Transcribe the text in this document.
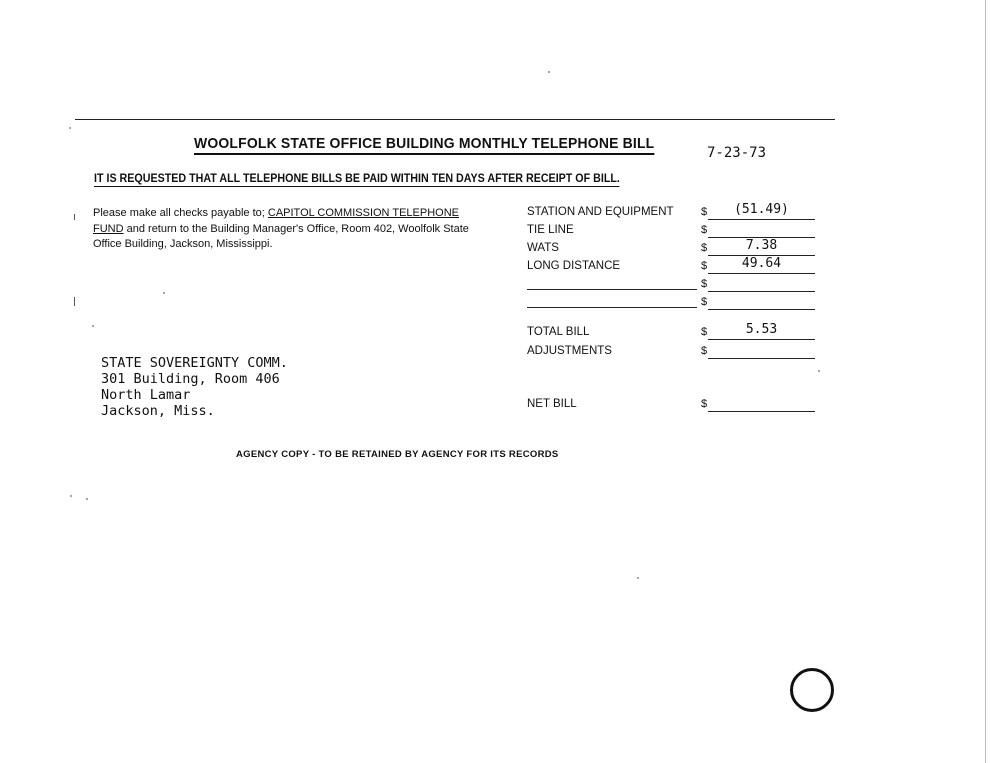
WOOLFOLK STATE OFFICE BUILDING MONTHLY TELEPHONE BILL
7-23-73
IT IS REQUESTED THAT ALL TELEPHONE BILLS BE PAID WITHIN TEN DAYS AFTER RECEIPT OF BILL.
Please make all checks payable to; CAPITOL COMMISSION TELEPHONE FUND and return to the Building Manager's Office, Room 402, Woolfolk State Office Building, Jackson, Mississippi.
STATION AND EQUIPMENT $	(51.49)
TIE LINE	$
WATS	$	7.38
LONG DISTANCE	$	49.64
$
$
TOTAL BILL	$	5.53
ADJUSTMENTS	$
NET BILL	$
STATE SOVEREIGNTY COMM.
301 Building, Room 406
North Lamar
Jackson, Miss.
AGENCY COPY - TO BE RETAINED BY AGENCY FOR ITS RECORDS
